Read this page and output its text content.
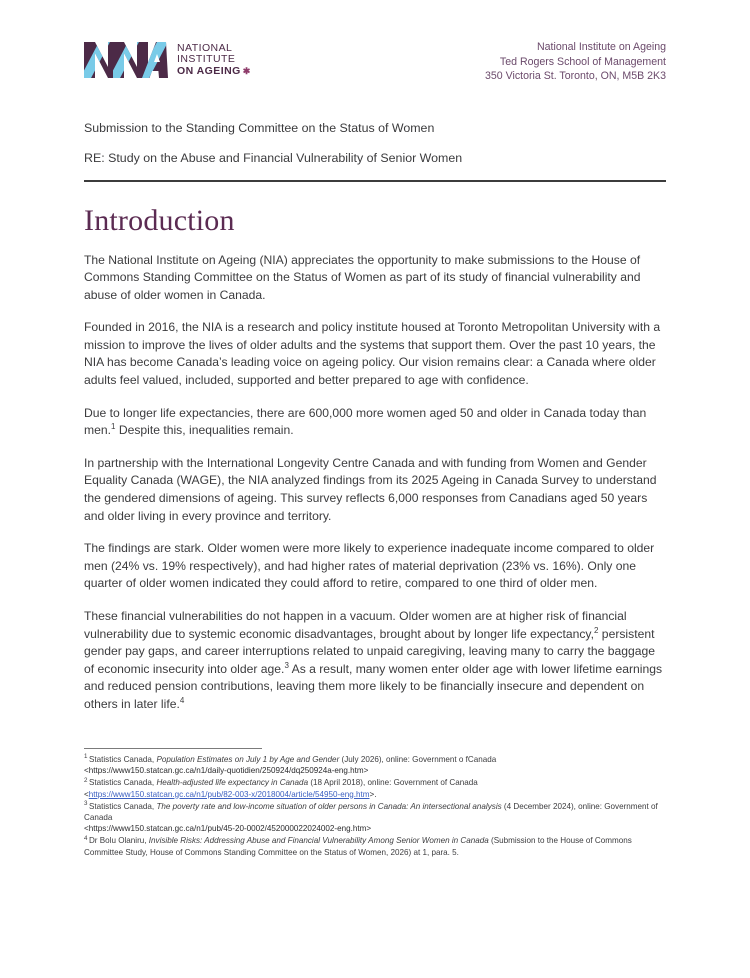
NATIONAL
INSTITUTE
ON AGEING ✱
National Institute on Ageing
Ted Rogers School of Management
350 Victoria St. Toronto, ON, M5B 2K3
Submission to the Standing Committee on the Status of Women
RE: Study on the Abuse and Financial Vulnerability of Senior Women
Introduction

The National Institute on Ageing (NIA) appreciates the opportunity to make submissions to the House of Commons Standing Committee on the Status of Women as part of its study of financial vulnerability and abuse of older women in Canada.

Founded in 2016, the NIA is a research and policy institute housed at Toronto Metropolitan University with a mission to improve the lives of older adults and the systems that support them. Over the past 10 years, the NIA has become Canada’s leading voice on ageing policy. Our vision remains clear: a Canada where older adults feel valued, included, supported and better prepared to age with confidence.

Due to longer life expectancies, there are 600,000 more women aged 50 and older in Canada today than men.$^1$ Despite this, inequalities remain.

In partnership with the International Longevity Centre Canada and with funding from Women and Gender Equality Canada (WAGE), the NIA analyzed findings from its 2025 Ageing in Canada Survey to understand the gendered dimensions of ageing. This survey reflects 6,000 responses from Canadians aged 50 years and older living in every province and territory.

The findings are stark. Older women were more likely to experience inadequate income compared to older men (24% vs. 19% respectively), and had higher rates of material deprivation (23% vs. 16%). Only one quarter of older women indicated they could afford to retire, compared to one third of older men.

These financial vulnerabilities do not happen in a vacuum. Older women are at higher risk of financial vulnerability due to systemic economic disadvantages, brought about by longer life expectancy,$^2$ persistent gender pay gaps, and career interruptions related to unpaid caregiving, leaving many to carry the baggage of economic insecurity into older age.$^3$ As a result, many women enter older age with lower lifetime earnings and reduced pension contributions, leaving them more likely to be financially insecure and dependent on others in later life.$^4$

$^1$ Statistics Canada, Population Estimates on July 1 by Age and Gender (July 2026), online: Government o fCanada
<https://www150.statcan.gc.ca/n1/daily-quotidien/250924/dq250924a-eng.htm>
$^2$ Statistics Canada, Health-adjusted life expectancy in Canada (18 April 2018), online: Government of Canada
<https://www150.statcan.gc.ca/n1/pub/82-003-x/2018004/article/54950-eng.htm>.
$^3$ Statistics Canada, The poverty rate and low-income situation of older persons in Canada: An intersectional analysis (4 December 2024), online: Government of Canada
<https://www150.statcan.gc.ca/n1/pub/45-20-0002/452000022024002-eng.htm>
$^4$ Dr Bolu Olaniru, Invisible Risks: Addressing Abuse and Financial Vulnerability Among Senior Women in Canada (Submission to the House of Commons Committee Study, House of Commons Standing Committee on the Status of Women, 2026) at 1, para. 5.
